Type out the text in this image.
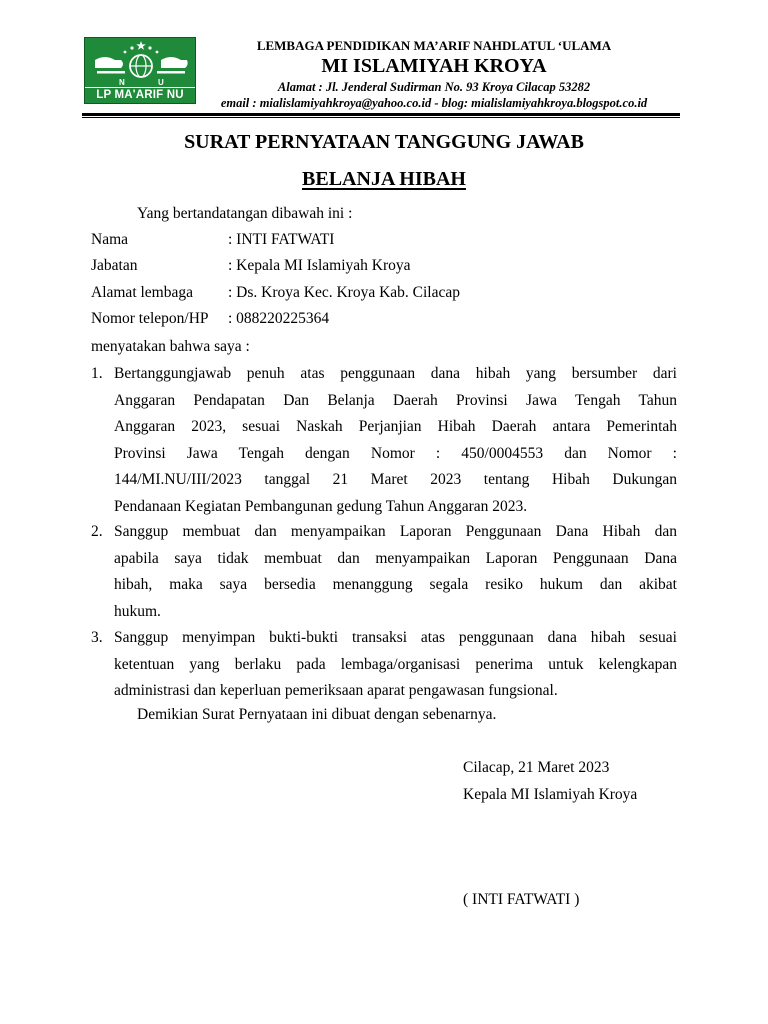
N	U
LP MA'ARIF NU
LEMBAGA PENDIDIKAN MA’ARIF NAHDLATUL ‘ULAMA
MI ISLAMIYAH KROYA
Alamat : Jl. Jenderal Sudirman No. 93 Kroya Cilacap 53282
email : mialislamiyahkroya@yahoo.co.id - blog: mialislamiyahkroya.blogspot.co.id
SURAT PERNYATAAN TANGGUNG JAWAB
BELANJA HIBAH
Yang bertandatangan dibawah ini :
Nama	: INTI FATWATI
Jabatan	: Kepala MI Islamiyah Kroya
Alamat lembaga : Ds. Kroya Kec. Kroya Kab. Cilacap
Nomor telepon/HP : 088220225364
menyatakan bahwa saya :
1. Bertanggungjawab penuh atas penggunaan dana hibah yang bersumber dari
Anggaran Pendapatan Dan Belanja Daerah Provinsi Jawa Tengah Tahun
Anggaran 2023, sesuai Naskah Perjanjian Hibah Daerah antara Pemerintah
Provinsi Jawa Tengah dengan Nomor : 450/0004553 dan Nomor :
144/MI.NU/III/2023 tanggal 21 Maret 2023 tentang Hibah Dukungan
Pendanaan Kegiatan Pembangunan gedung Tahun Anggaran 2023.
2. Sanggup membuat dan menyampaikan Laporan Penggunaan Dana Hibah dan
apabila saya tidak membuat dan menyampaikan Laporan Penggunaan Dana
hibah, maka saya bersedia menanggung segala resiko hukum dan akibat
hukum.
3. Sanggup menyimpan bukti-bukti transaksi atas penggunaan dana hibah sesuai
ketentuan yang berlaku pada lembaga/organisasi penerima untuk kelengkapan
administrasi dan keperluan pemeriksaan aparat pengawasan fungsional.
Demikian Surat Pernyataan ini dibuat dengan sebenarnya.
Cilacap, 21 Maret 2023
Kepala MI Islamiyah Kroya
( INTI FATWATI )
